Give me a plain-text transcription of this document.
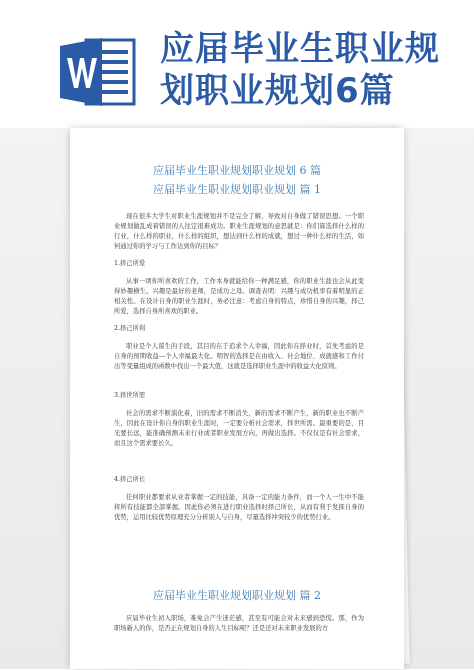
应届毕业生职业规划职业规划6篇

应届毕业生职业规划职业规划 6 篇

应届毕业生职业规划职业规划 篇 1

现在很多大学生对职业生涯规划并不是完全了解，导致对自身做了错误思想。一个职业规划做乱成着错误的人往定很难成功。职业生涯规划的意思就是：你们算选择什么样的行业，什么样的职业，什么样的组织，想达到什么样的成就，想过一种什么样的生活，如何通过你的学习与工作达到你的目标？

1.择己所爱

从事一项你所喜欢的工作，工作本身就能给你一种满足感，你的职业生涯也会从此变得妙趣横生。兴趣是最好的老师，是成功之母。调查表明：兴趣与成功机率有着明显的正相关性。在设计自身的职业生涯时，务必注意：考虑自身的特点，珍惜自身的兴趣，择己所爱，选择自身所喜欢的职业。

2.择己所利

职业是个人谋生的手段，其目的在于追求个人幸福，因此你在择业时，首先考虑的是自身的预期收益—个人幸福最大化。明智的选择是在由收入、社会地位、成就感和工作付出等变量组成的函数中找出一个最大值，这就是选择职业生涯中的收益大化原则。

3.择世所需

社会的需求不断演化着，旧的需求不断消失，新的需求不断产生，新的职业也不断产生，因此在设计你自身的职业生涯时，一定要分析社会需求，择世所需。最重要的是，目光要长远，能准确预测未来行业或者职业发展方向，再做出选择。不仅仅是有社会需求，而且这个需求要长久。

4.择己所长

任何职业都要求从业者掌握一定的技能，具备一定的能力条件，而一个人一生中不能将所有技能都全部掌握。因此你必须在进行职业选择时择己所长，从而有利于发挥自身的优势，运用比较优势原理充分分析别人与自身，尽量选择冲突较少的优势行业。

应届毕业生职业规划职业规划 篇 2

应届毕业生初入职场，难免会产生迷茫感，甚至有可能会对未来感到恐慌。那，作为职场新人的你，是否正在规划自身的人生目标呢？还是还对未来职业发展的方
